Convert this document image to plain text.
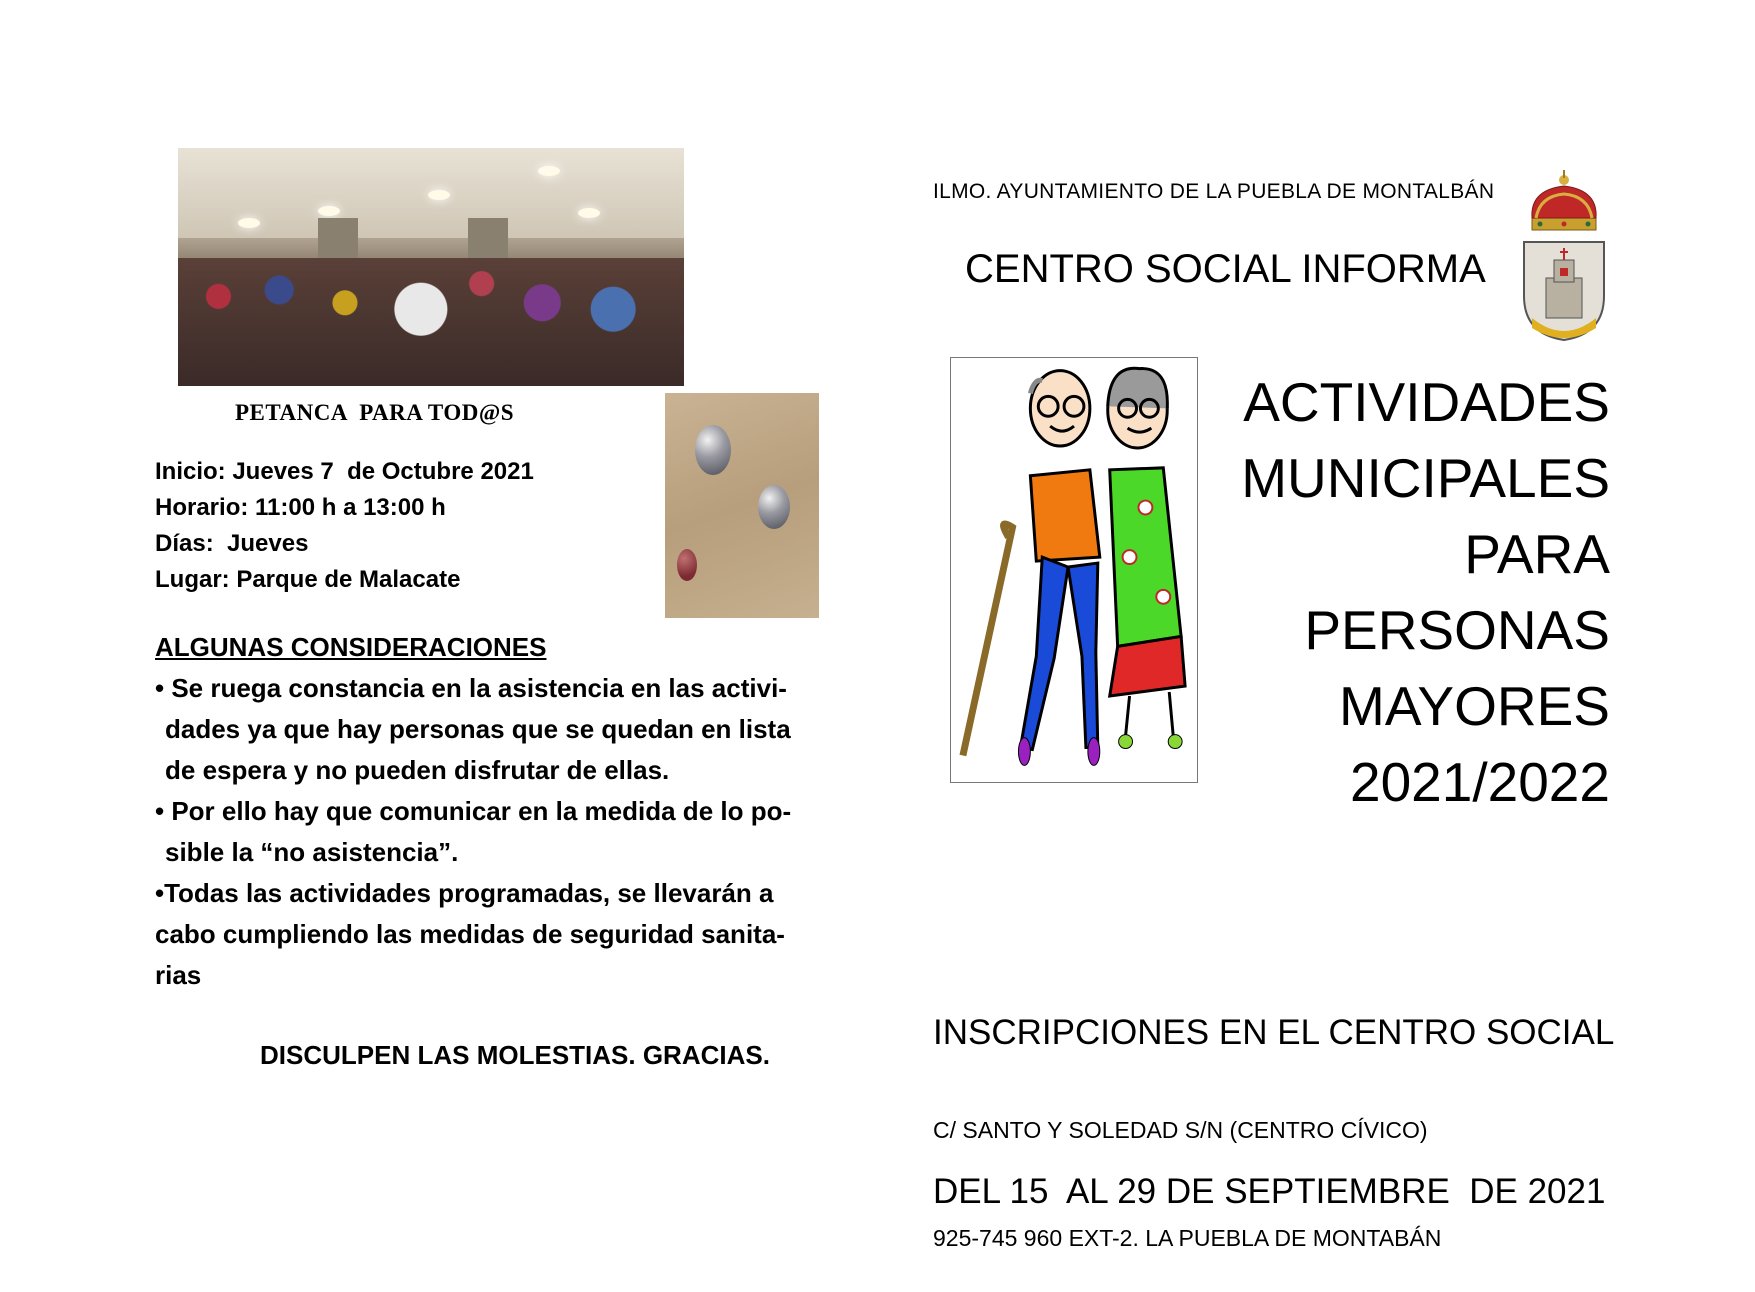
PETANCA  PARA TOD@S
Inicio: Jueves 7  de Octubre 2021
Horario: 11:00 h a 13:00 h
Días:  Jueves
Lugar: Parque de Malacate
ALGUNAS CONSIDERACIONES
• Se ruega constancia en la asistencia en las activi-
dades ya que hay personas que se quedan en lista
de espera y no pueden disfrutar de ellas.
• Por ello hay que comunicar en la medida de lo po-
sible la “no asistencia”.
•Todas las actividades programadas, se llevarán a
cabo cumpliendo las medidas de seguridad sanita-
rias
DISCULPEN LAS MOLESTIAS. GRACIAS.
ILMO. AYUNTAMIENTO DE LA PUEBLA DE MONTALBÁN
CENTRO SOCIAL INFORMA
ACTIVIDADES
MUNICIPALES
PARA
PERSONAS
MAYORES
2021/2022

INSCRIPCIONES EN EL CENTRO SOCIAL

DEL 15  AL 29 DE SEPTIEMBRE  DE 2021

C/ SANTO Y SOLEDAD S/N (CENTRO CÍVICO)

925-745 960 EXT-2. LA PUEBLA DE MONTABÁN
